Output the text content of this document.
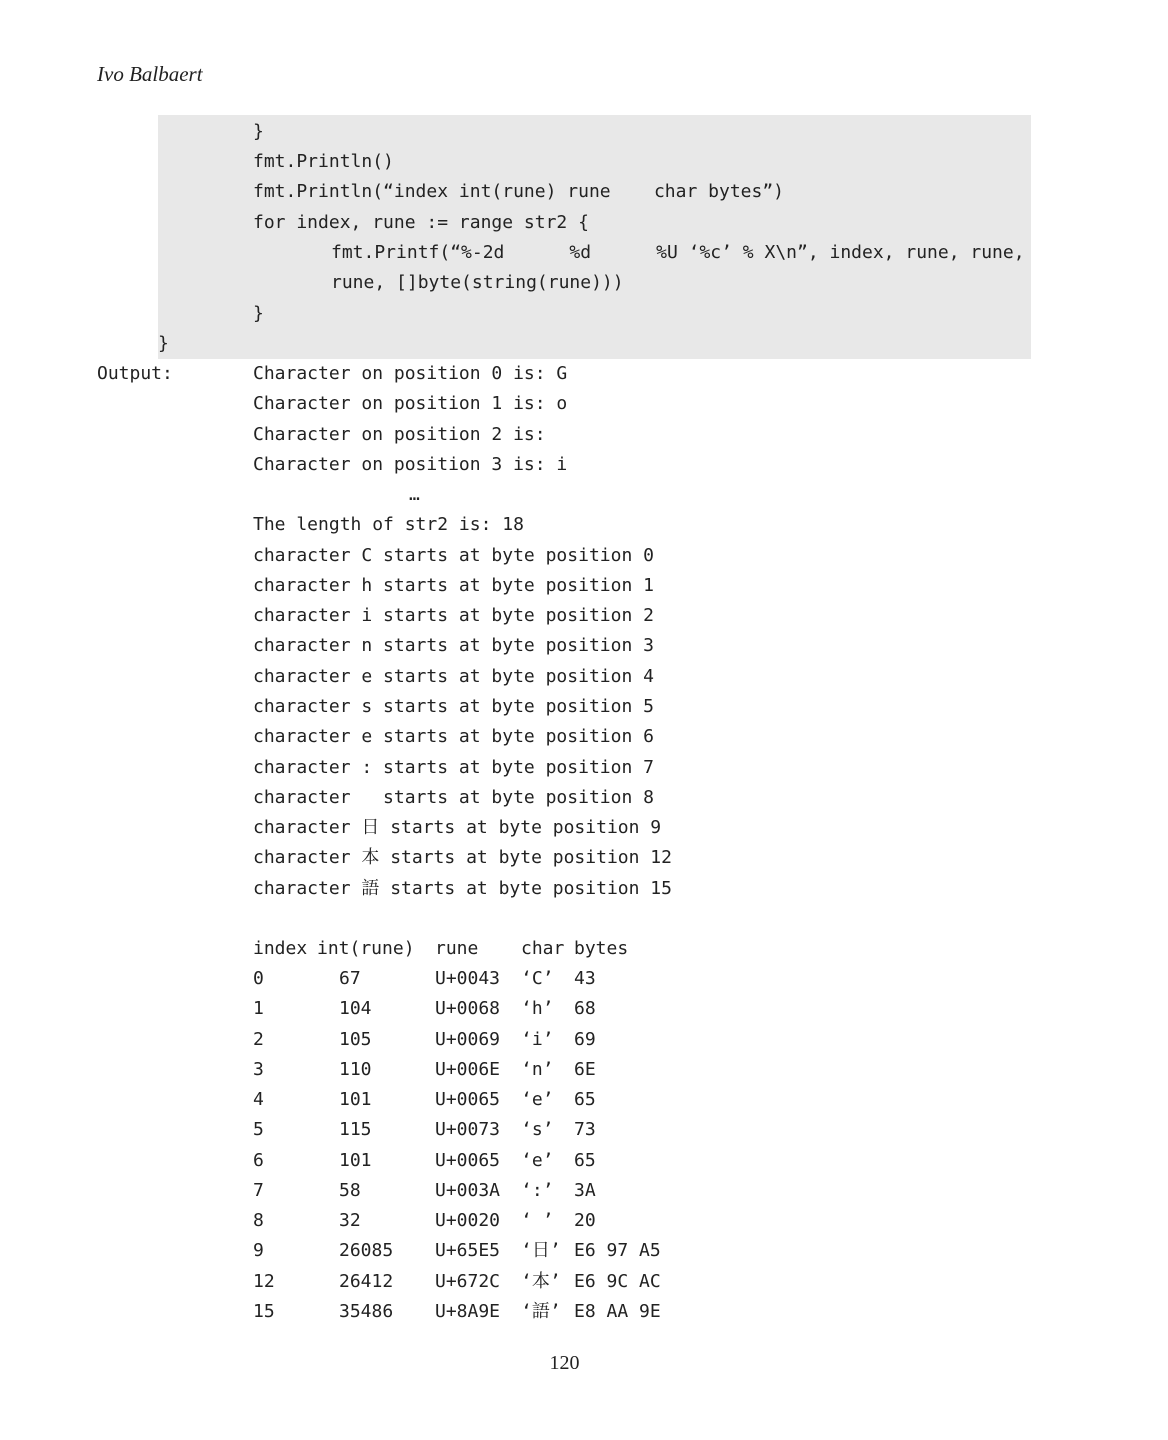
Ivo Balbaert
}
fmt.Println()
fmt.Println(“index int(rune) rune    char bytes”)
for index, rune := range str2 {
fmt.Printf(“%-2d      %d      %U ‘%c’ % X\n”, index, rune, rune,
rune, []byte(string(rune)))
}
}
Output:	Character on position 0 is: G
Character on position 1 is: o
Character on position 2 is:
Character on position 3 is: i
…
The length of str2 is: 18
character C starts at byte position 0
character h starts at byte position 1
character i starts at byte position 2
character n starts at byte position 3
character e starts at byte position 4
character s starts at byte position 5
character e starts at byte position 6
character : starts at byte position 7
character   starts at byte position 8
character 日 starts at byte position 9
character 本 starts at byte position 12
character 語 starts at byte position 15
index int(rune) rune char bytes
0	67	U+0043 ‘C’ 43
1	104	U+0068 ‘h’ 68
2	105	U+0069 ‘i’ 69
3	110	U+006E ‘n’ 6E
4	101	U+0065 ‘e’ 65
5	115	U+0073 ‘s’ 73
6	101	U+0065 ‘e’ 65
7	58	U+003A ‘:’ 3A
8	32	U+0020 ‘ ’ 20
9	26085 U+65E5 ‘日’ E6 97 A5
12	26412 U+672C ‘本’ E6 9C AC
15	35486 U+8A9E ‘語’ E8 AA 9E
120
